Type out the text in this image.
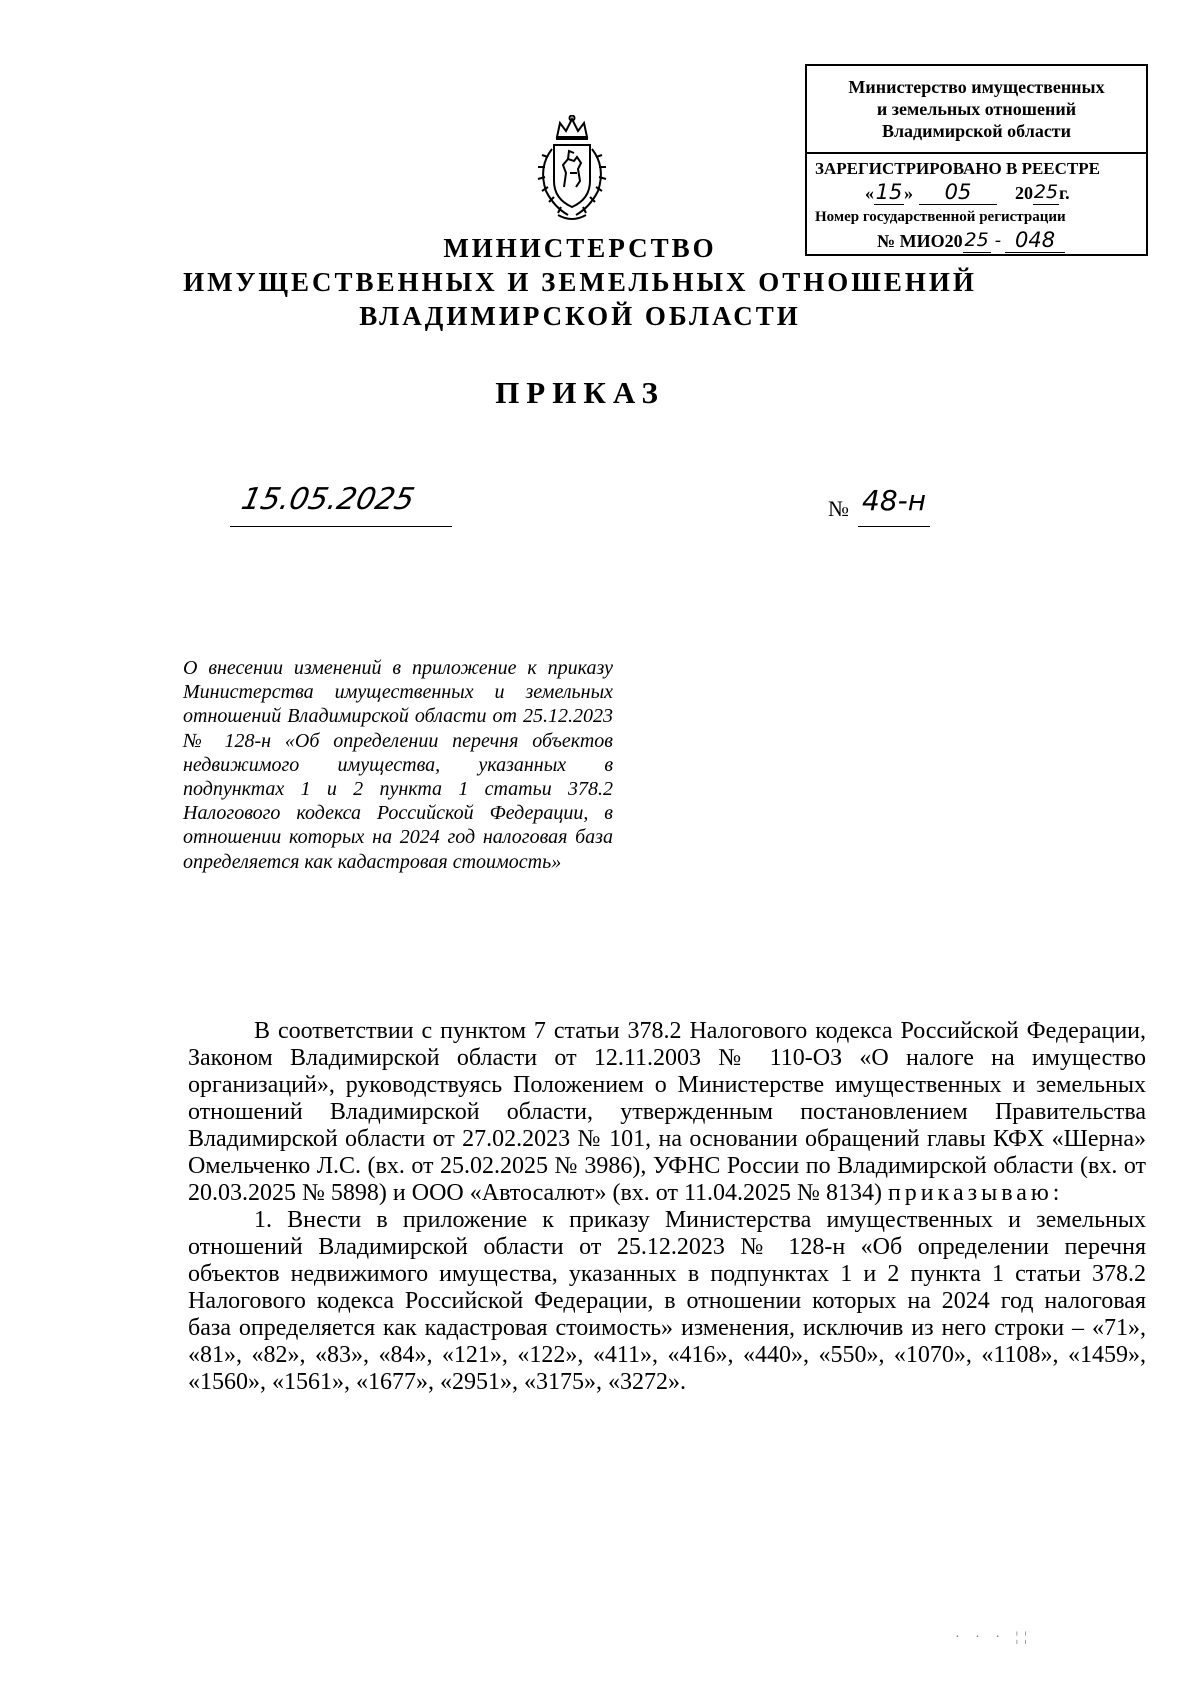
Министерство имущественных
и земельных отношений
Владимирской области
ЗАРЕГИСТРИРОВАНО В РЕЕСТРЕ
« 15 »	05	20 25 г.
Номер государственной регистрации
№ МИО20 25 - 048
МИНИСТЕРСТВО
ИМУЩЕСТВЕННЫХ И ЗЕМЕЛЬНЫХ ОТНОШЕНИЙ
ВЛАДИМИРСКОЙ ОБЛАСТИ
ПРИКАЗ
15.05.2025	№ 48-н
О внесении изменений в приложение к приказу Министерства имущественных и земельных отношений Владимирской области от 25.12.2023 № 128-н «Об определении перечня объектов недвижимого имущества, указанных в подпунктах 1 и 2 пункта 1 статьи 378.2 Налогового кодекса Российской Федерации, в отношении которых на 2024 год налоговая база определяется как кадастровая стоимость»

В соответствии с пунктом 7 статьи 378.2 Налогового кодекса Российской Федерации, Законом Владимирской области от 12.11.2003 № 110-ОЗ «О налоге на имущество организаций», руководствуясь Положением о Министерстве имущественных и земельных отношений Владимирской области, утвержденным постановлением Правительства Владимирской области от 27.02.2023 № 101, на основании обращений главы КФХ «Шерна» Омельченко Л.С. (вх. от 25.02.2025 № 3986), УФНС России по Владимирской области (вх. от 20.03.2025 № 5898) и ООО «Автосалют» (вх. от 11.04.2025 № 8134) приказываю:

1. Внести в приложение к приказу Министерства имущественных и земельных отношений Владимирской области от 25.12.2023 № 128-н «Об определении перечня объектов недвижимого имущества, указанных в подпунктах 1 и 2 пункта 1 статьи 378.2 Налогового кодекса Российской Федерации, в отношении которых на 2024 год налоговая база определяется как кадастровая стоимость» изменения, исключив из него строки – «71», «81», «82», «83», «84», «121», «122», «411», «416», «440», «550», «1070», «1108», «1459», «1560», «1561», «1677», «2951», «3175», «3272».

· · · ¦¦
